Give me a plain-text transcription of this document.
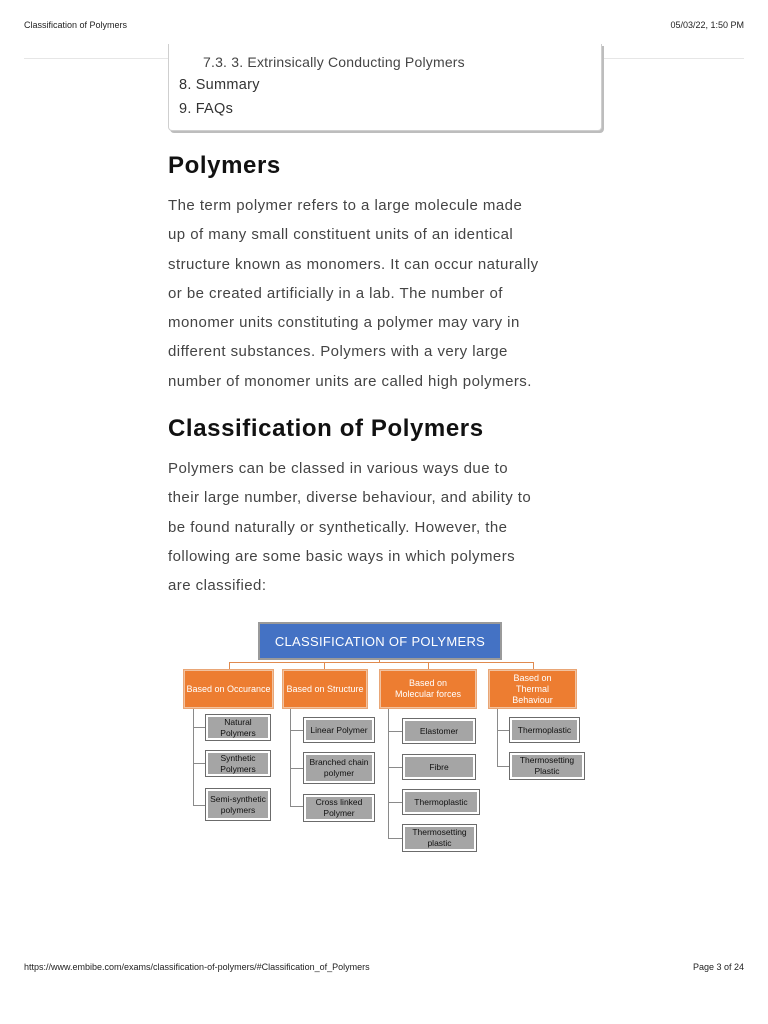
Classification of Polymers	05/03/22, 1:50 PM
7.3. 3. Extrinsically Conducting Polymers
8. Summary
9. FAQs
Polymers
The term polymer refers to a large molecule made
up of many small constituent units of an identical
structure known as monomers. It can occur naturally
or be created artificially in a lab. The number of
monomer units constituting a polymer may vary in
different substances. Polymers with a very large
number of monomer units are called high polymers.
Classification of Polymers
Polymers can be classed in various ways due to
their large number, diverse behaviour, and ability to
be found naturally or synthetically. However, the
following are some basic ways in which polymers
are classified:
CLASSIFICATION OF POLYMERS
Based on Occurance Based on Structure
Based on Molecular forces
Based on Thermal Behaviour
Natural
Polymers
Synthetic
Polymers
Semi-synthetic
polymers
Linear Polymer
Branched chain
polymer
Cross linked
Polymer
Elastomer
Fibre
Thermoplastic
Thermosetting
plastic
Thermoplastic
Thermosetting
Plastic
https://www.embibe.com/exams/classification-of-polymers/#Classification_of_Polymers	Page 3 of 24
